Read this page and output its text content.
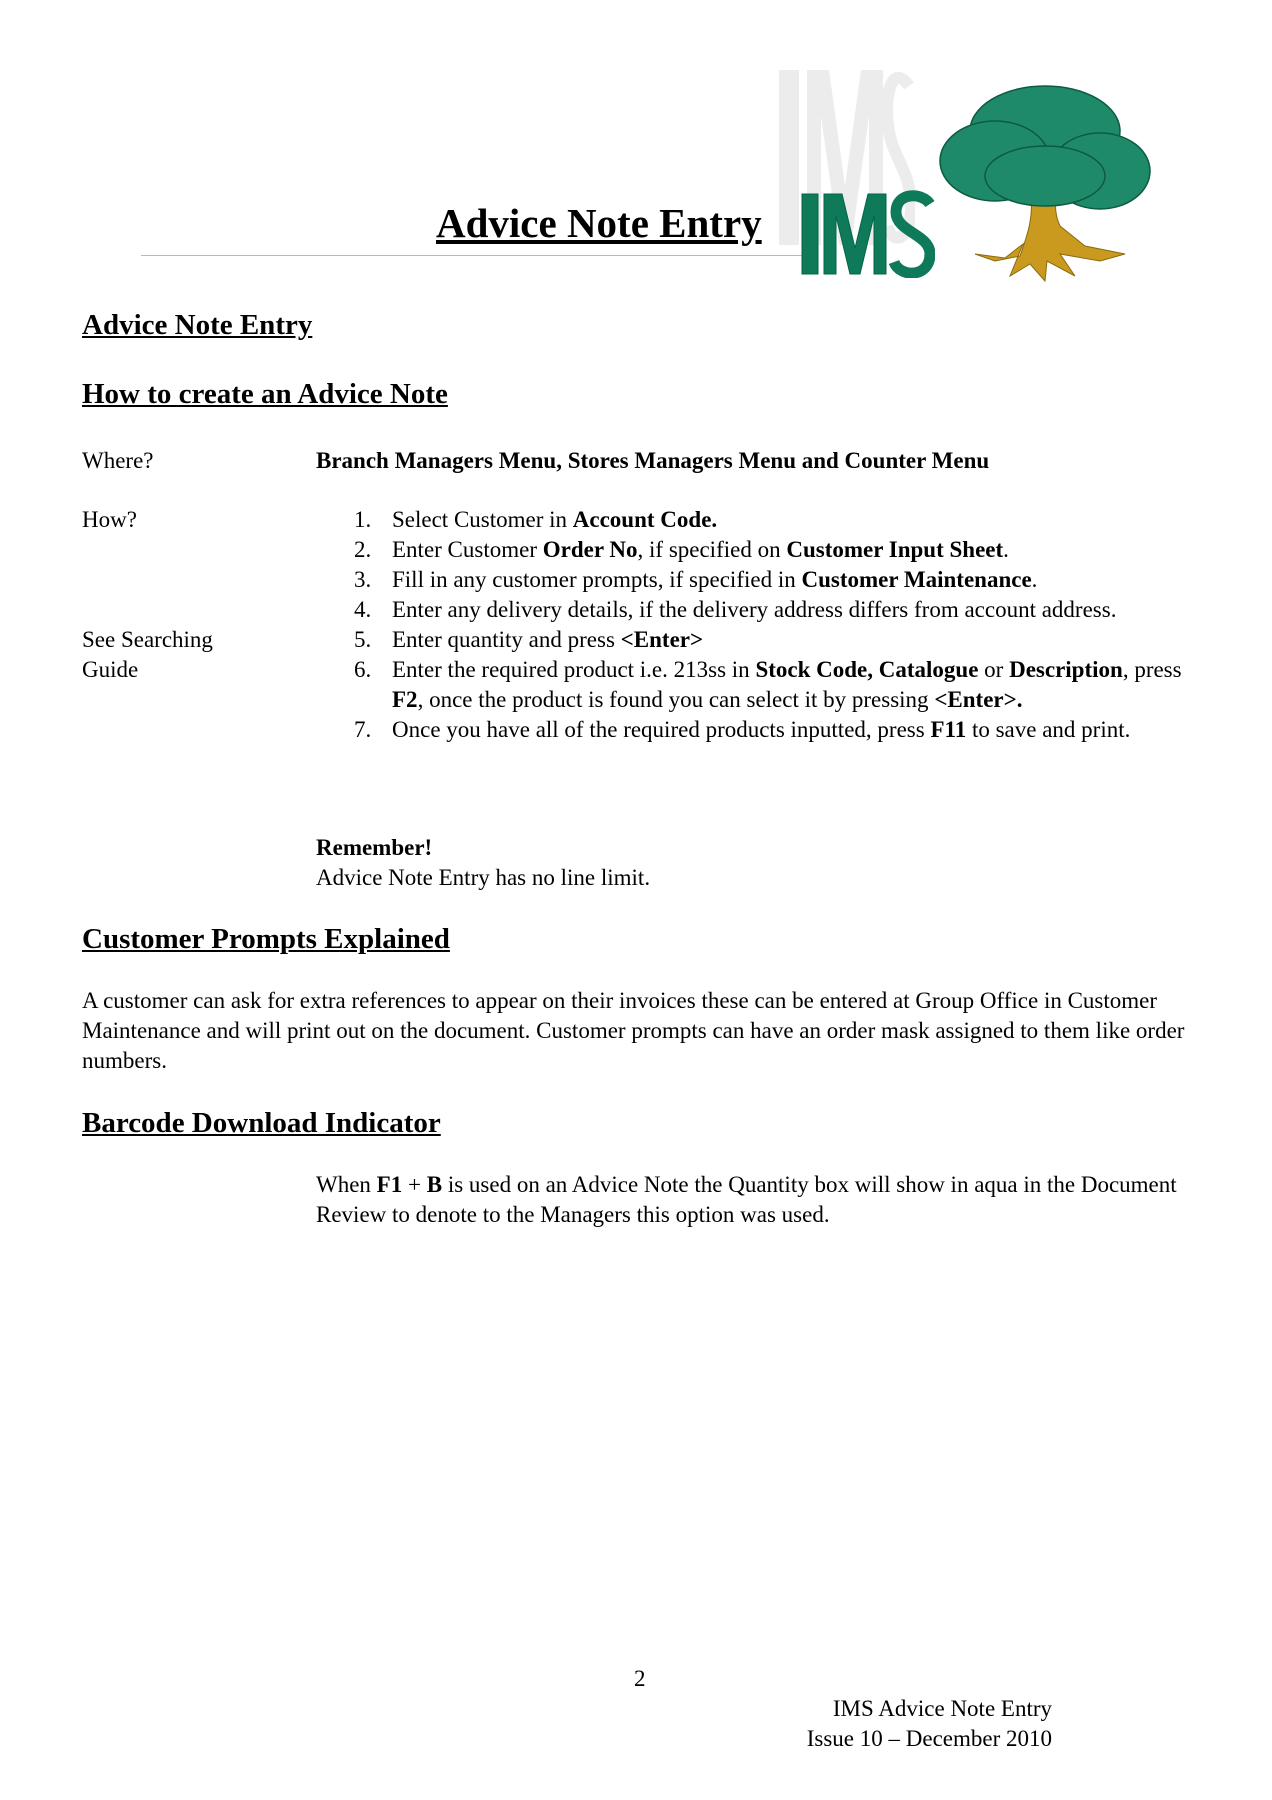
Advice Note Entry
Advice Note Entry
How to create an Advice Note
Where?	Branch Managers Menu, Stores Managers Menu and Counter Menu
How?
See Searching
Guide
1. Select Customer in Account Code.
2. Enter Customer Order No, if specified on Customer Input Sheet.
3. Fill in any customer prompts, if specified in Customer Maintenance.
4. Enter any delivery details, if the delivery address differs from account address.
5. Enter quantity and press <Enter>
6. Enter the required product i.e. 213ss in Stock Code, Catalogue or Description, press F2, once the product is found you can select it by pressing <Enter>.
7. Once you have all of the required products inputted, press F11 to save and print.
Remember!
Advice Note Entry has no line limit.
Customer Prompts Explained

A customer can ask for extra references to appear on their invoices these can be entered at Group Office in Customer Maintenance and will print out on the document. Customer prompts can have an order mask assigned to them like order numbers.

Barcode Download Indicator

When F1 + B is used on an Advice Note the Quantity box will show in aqua in the Document Review to denote to the Managers this option was used.

2
IMS Advice Note Entry
Issue 10 – December 2010
